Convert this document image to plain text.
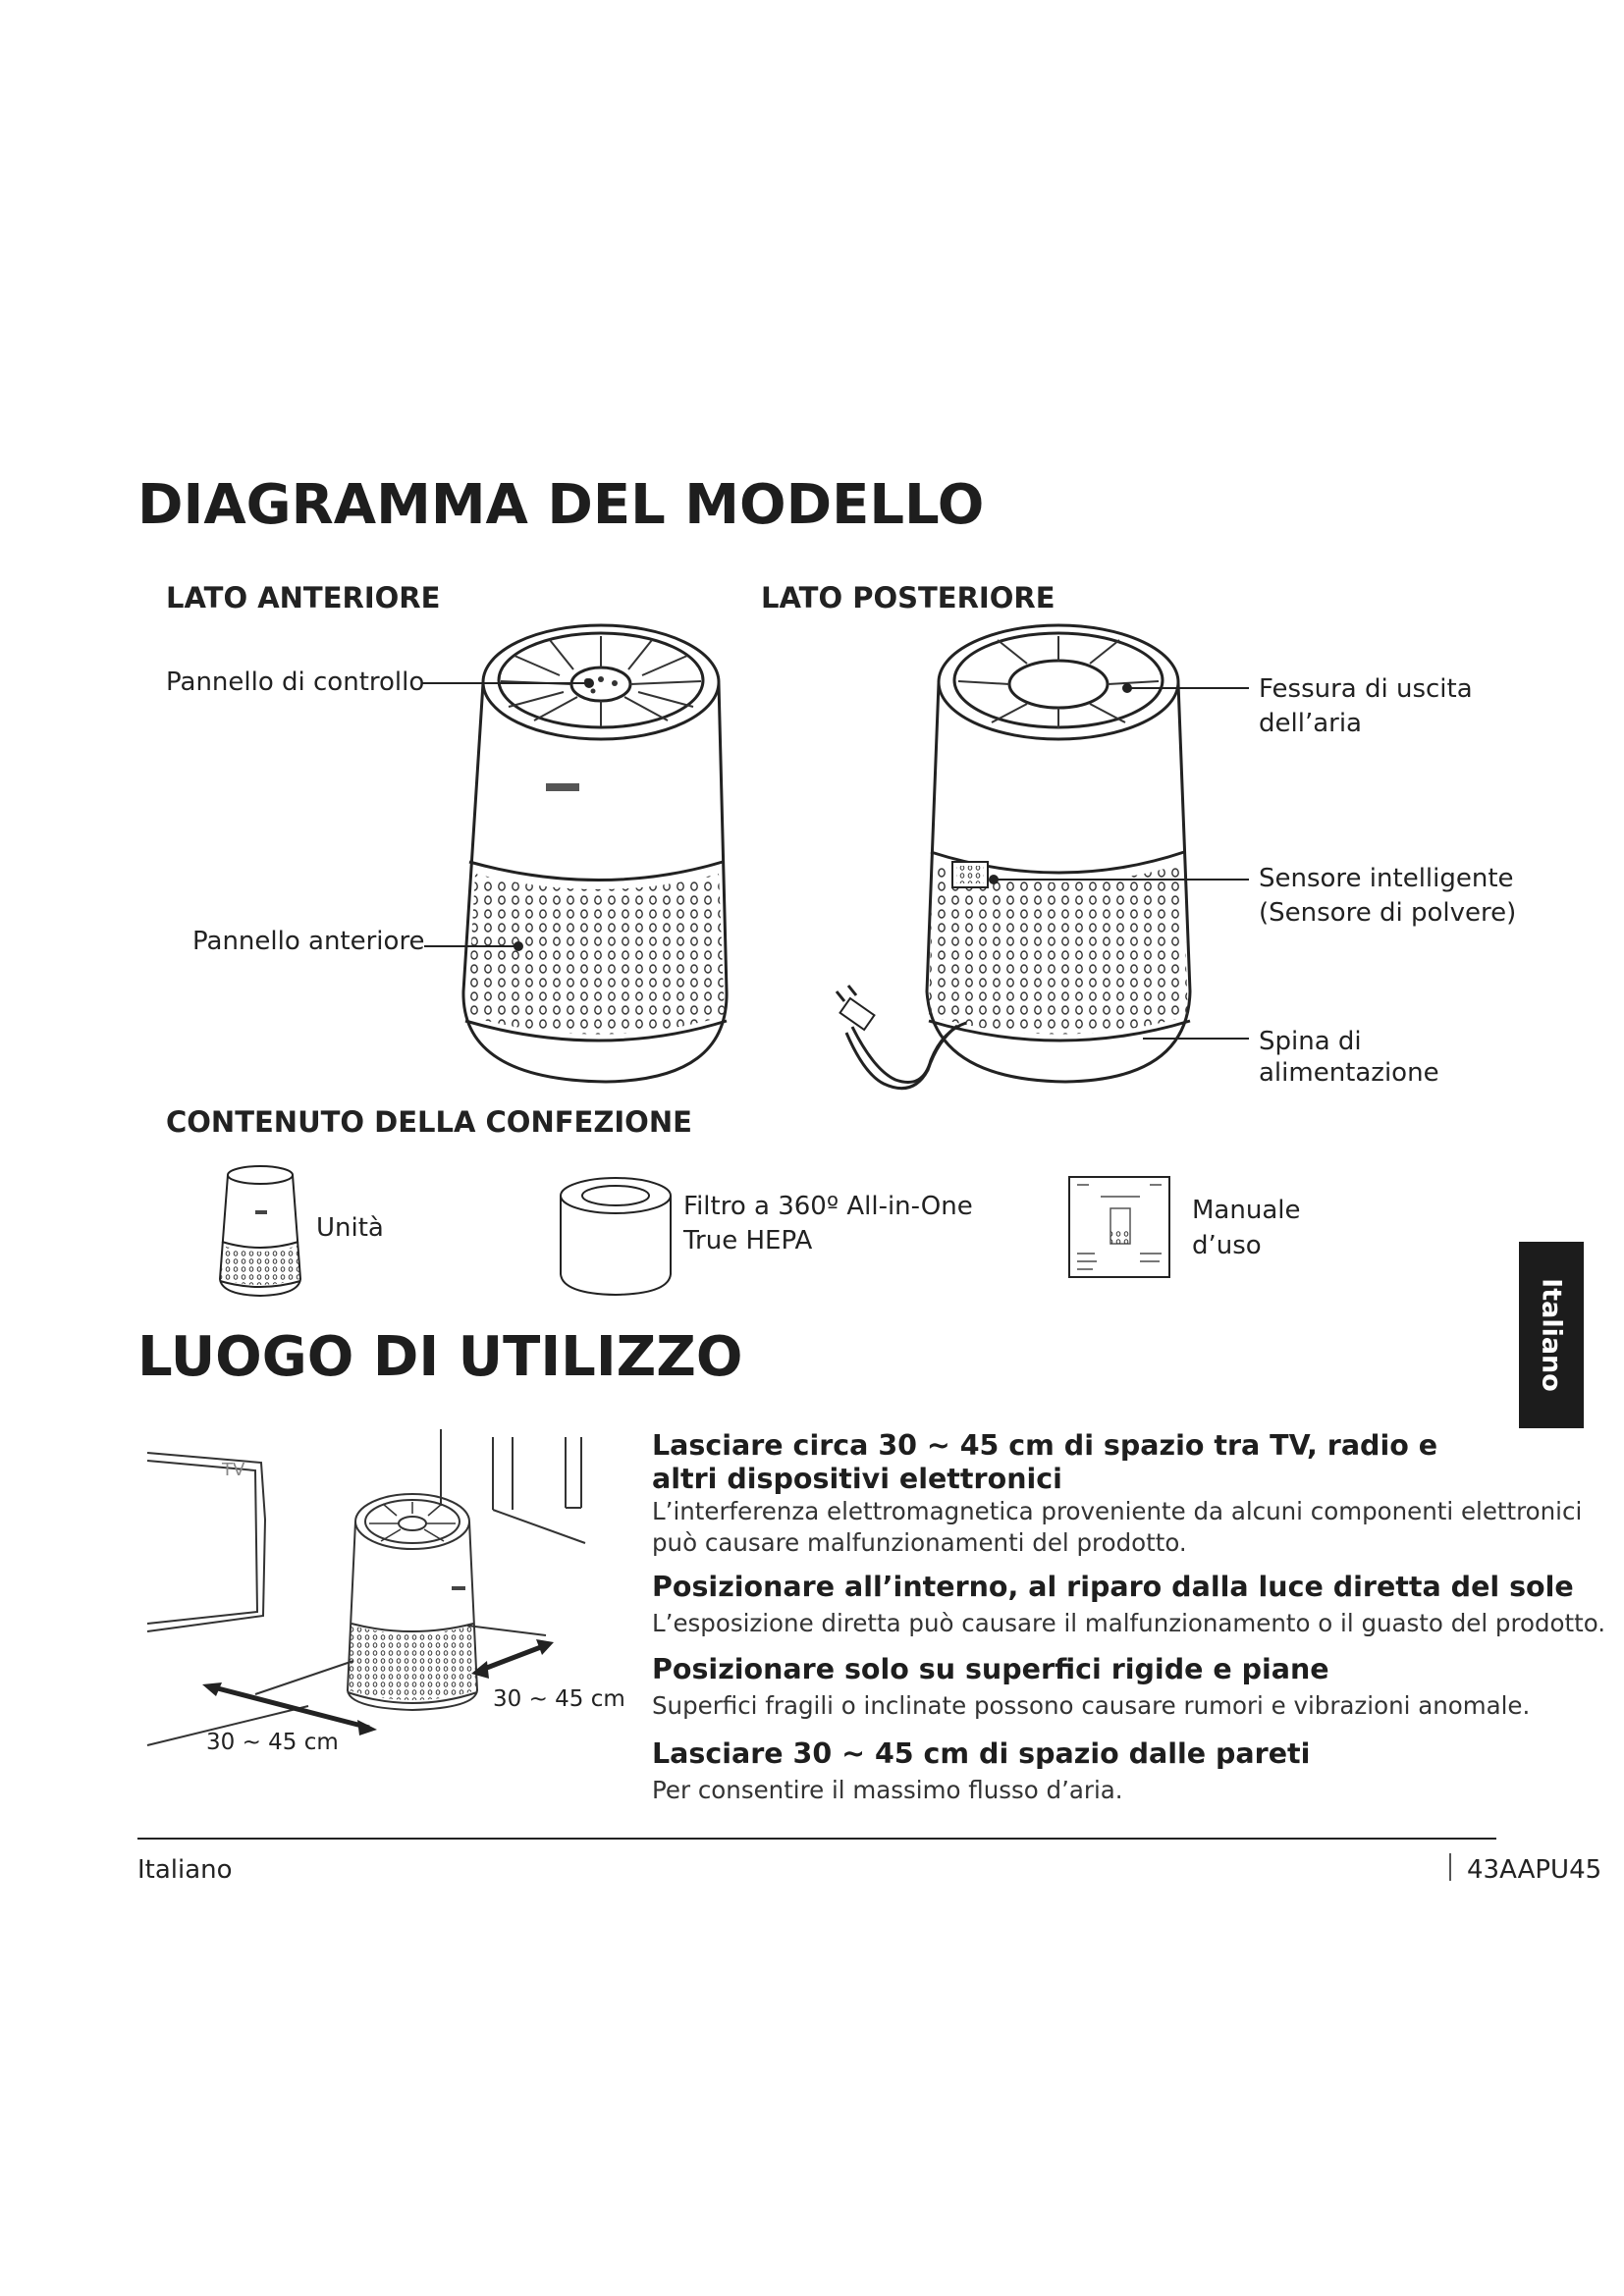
DIAGRAMMA DEL MODELLO
LATO ANTERIORE	LATO POSTERIORE
Pannello di controllo
Pannello anteriore
Fessura di uscita
dell’aria
Sensore intelligente
(Sensore di polvere)
Spina di
alimentazione
CONTENUTO DELLA CONFEZIONE
Unità
Filtro a 360º All-in-One
True HEPA
Manuale
d’uso
Italiano
LUOGO DI UTILIZZO
TV
30 ~ 45 cm
30 ~ 45 cm
Lasciare circa 30 ~ 45 cm di spazio tra TV, radio e altri dispositivi elettronici
L’interferenza elettromagnetica proveniente da alcuni componenti elettronici
può causare malfunzionamenti del prodotto.
Posizionare all’interno, al riparo dalla luce diretta del sole
L’esposizione diretta può causare il malfunzionamento o il guasto del prodotto.
Posizionare solo su superfici rigide e piane
Superfici fragili o inclinate possono causare rumori e vibrazioni anomale.
Lasciare 30 ~ 45 cm di spazio dalle pareti
Per consentire il massimo flusso d’aria.
Italiano	43AAPU45
